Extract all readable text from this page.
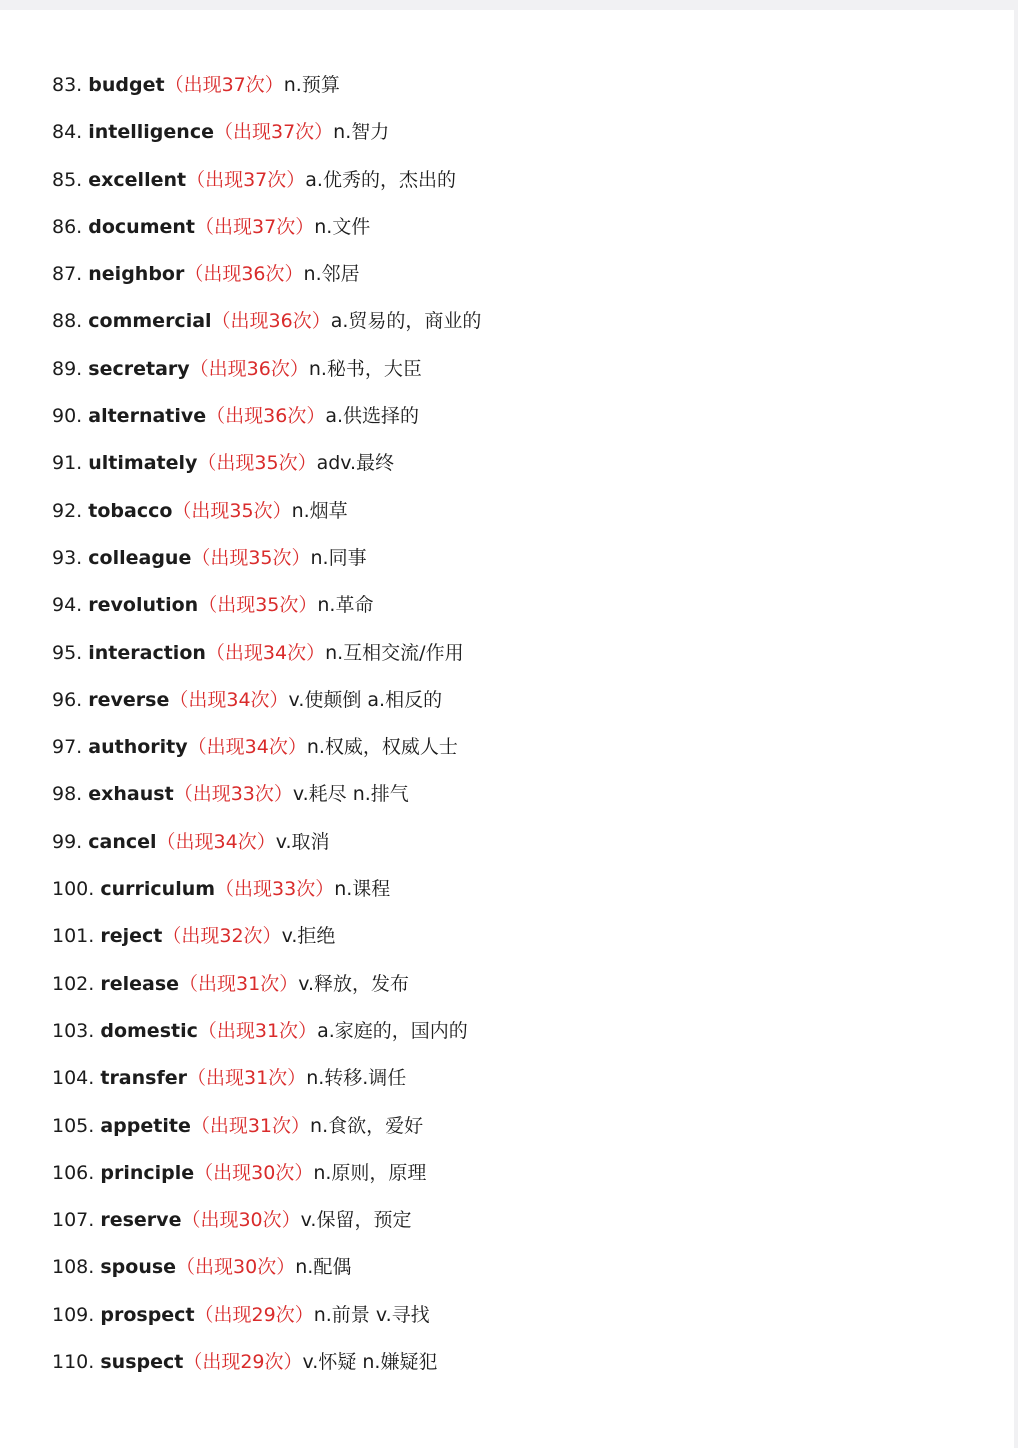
83. budget（出现37次）n.预算
84. intelligence（出现37次）n.智力
85. excellent（出现37次）a.优秀的，杰出的
86. document（出现37次）n.文件
87. neighbor（出现36次）n.邻居
88. commercial（出现36次）a.贸易的，商业的
89. secretary（出现36次）n.秘书，大臣
90. alternative（出现36次）a.供选择的
91. ultimately（出现35次）adv.最终
92. tobacco（出现35次）n.烟草
93. colleague（出现35次）n.同事
94. revolution（出现35次）n.革命
95. interaction（出现34次）n.互相交流/作用
96. reverse（出现34次）v.使颠倒 a.相反的
97. authority（出现34次）n.权威，权威人士
98. exhaust（出现33次）v.耗尽 n.排气
99. cancel（出现34次）v.取消
100. curriculum（出现33次）n.课程
101. reject（出现32次）v.拒绝
102. release（出现31次）v.释放，发布
103. domestic（出现31次）a.家庭的，国内的
104. transfer（出现31次）n.转移.调任
105. appetite（出现31次）n.食欲，爱好
106. principle（出现30次）n.原则，原理
107. reserve（出现30次）v.保留，预定
108. spouse（出现30次）n.配偶
109. prospect（出现29次）n.前景 v.寻找
110. suspect（出现29次）v.怀疑 n.嫌疑犯
